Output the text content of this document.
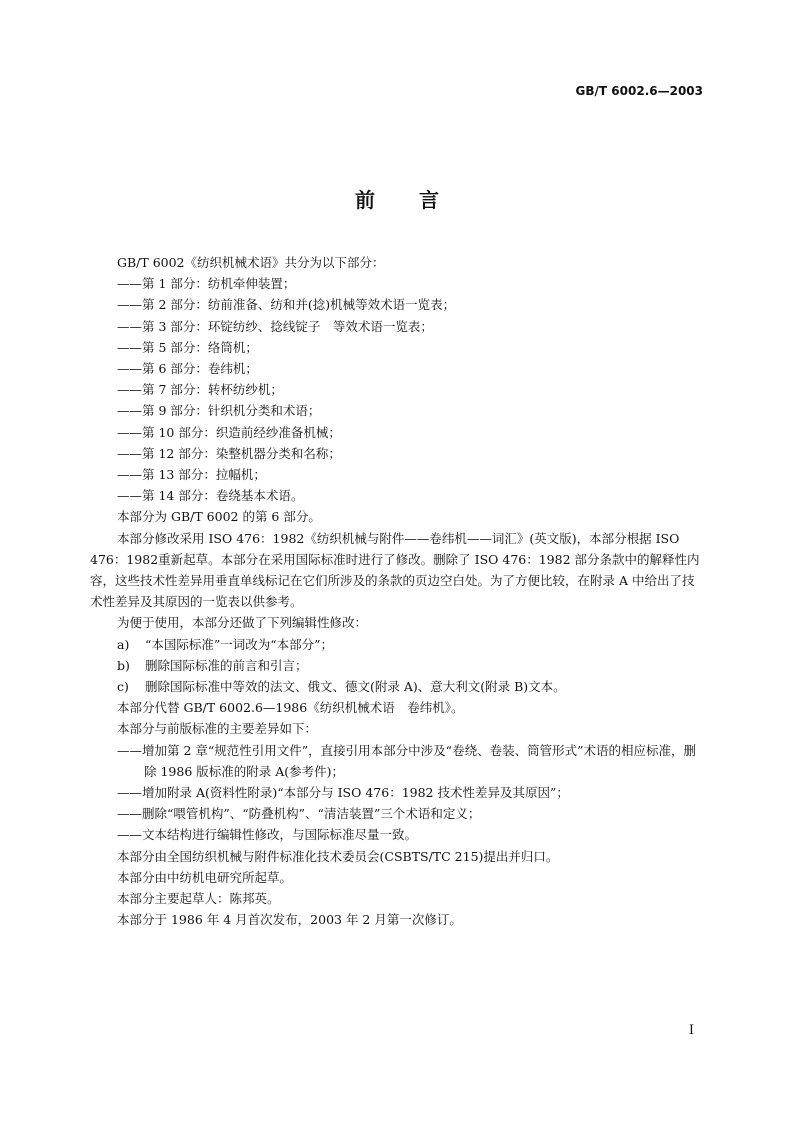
GB/T 6002.6—2003
前 言

GB/T 6002《纺织机械术语》共分为以下部分：

——第 1 部分：纺机牵伸装置；

——第 2 部分：纺前准备、纺和并(捻)机械等效术语一览表；

——第 3 部分：环锭纺纱、捻线锭子　等效术语一览表；

——第 5 部分：络筒机；

——第 6 部分：卷纬机；

——第 7 部分：转杯纺纱机；

——第 9 部分：针织机分类和术语；

——第 10 部分：织造前经纱准备机械；

——第 12 部分：染整机器分类和名称；

——第 13 部分：拉幅机；

——第 14 部分：卷绕基本术语。

本部分为 GB/T 6002 的第 6 部分。

本部分修改采用 ISO 476：1982《纺织机械与附件——卷纬机——词汇》(英文版)，本部分根据 ISO 476：1982重新起草。本部分在采用国际标准时进行了修改。删除了 ISO 476：1982 部分条款中的解释性内容，这些技术性差异用垂直单线标记在它们所涉及的条款的页边空白处。为了方便比较，在附录 A 中给出了技术性差异及其原因的一览表以供参考。

为便于使用，本部分还做了下列编辑性修改：

a) “本国际标准”一词改为“本部分”；

b) 删除国际标准的前言和引言；

c) 删除国际标准中等效的法文、俄文、德文(附录 A)、意大利文(附录 B)文本。

本部分代替 GB/T 6002.6—1986《纺织机械术语　卷纬机》。

本部分与前版标准的主要差异如下：

——增加第 2 章“规范性引用文件”，直接引用本部分中涉及“卷绕、卷装、筒管形式”术语的相应标准，删除 1986 版标准的附录 A(参考件)；

——增加附录 A(资料性附录)“本部分与 ISO 476：1982 技术性差异及其原因”；

——删除“喂管机构”、“防叠机构”、“清洁装置”三个术语和定义；

——文本结构进行编辑性修改，与国际标准尽量一致。

本部分由全国纺织机械与附件标准化技术委员会(CSBTS/TC 215)提出并归口。

本部分由中纺机电研究所起草。

本部分主要起草人：陈邦英。

本部分于 1986 年 4 月首次发布，2003 年 2 月第一次修订。

I
